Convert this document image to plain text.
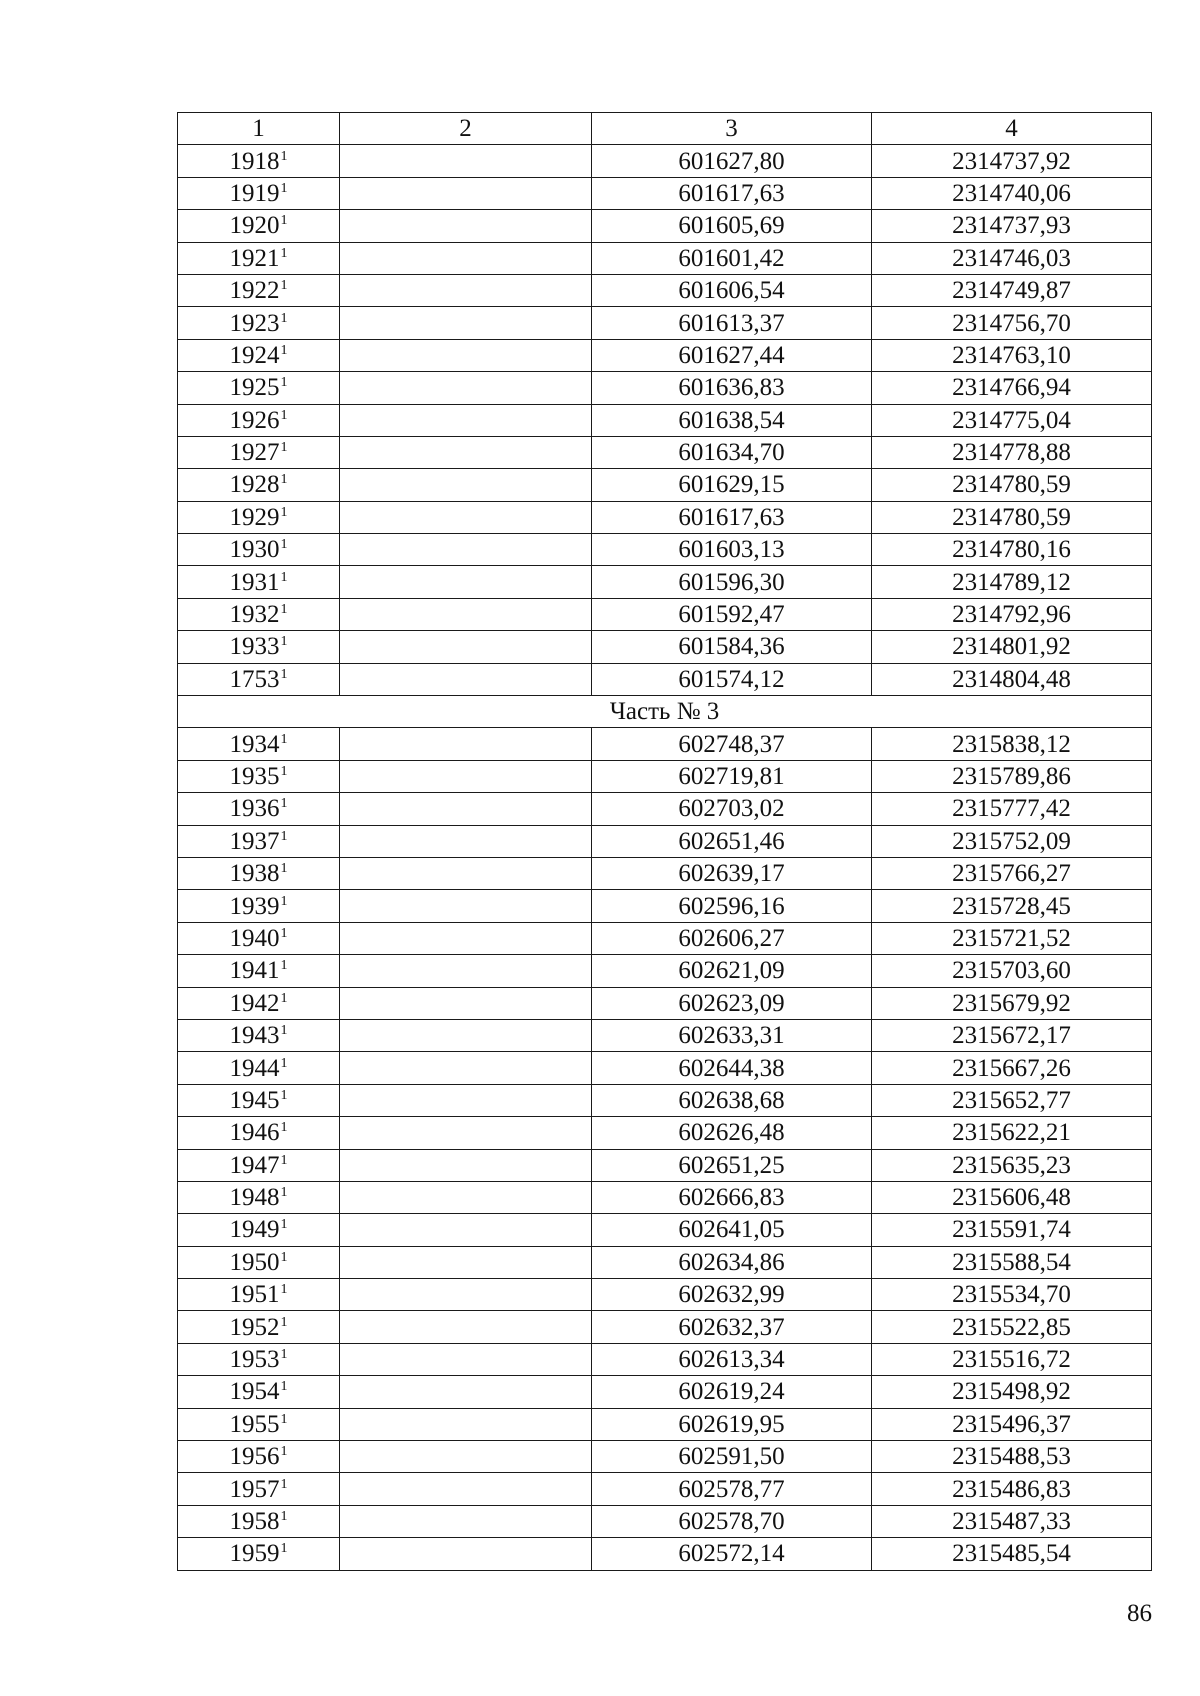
1	2	3	4
1918$^1$		601627,80	2314737,92
1919$^1$		601617,63	2314740,06
1920$^1$		601605,69	2314737,93
1921$^1$		601601,42	2314746,03
1922$^1$		601606,54	2314749,87
1923$^1$		601613,37	2314756,70
1924$^1$		601627,44	2314763,10
1925$^1$		601636,83	2314766,94
1926$^1$		601638,54	2314775,04
1927$^1$		601634,70	2314778,88
1928$^1$		601629,15	2314780,59
1929$^1$		601617,63	2314780,59
1930$^1$		601603,13	2314780,16
1931$^1$		601596,30	2314789,12
1932$^1$		601592,47	2314792,96
1933$^1$		601584,36	2314801,92
1753$^1$		601574,12	2314804,48
Часть № 3			
1934$^1$		602748,37	2315838,12
1935$^1$		602719,81	2315789,86
1936$^1$		602703,02	2315777,42
1937$^1$		602651,46	2315752,09
1938$^1$		602639,17	2315766,27
1939$^1$		602596,16	2315728,45
1940$^1$		602606,27	2315721,52
1941$^1$		602621,09	2315703,60
1942$^1$		602623,09	2315679,92
1943$^1$		602633,31	2315672,17
1944$^1$		602644,38	2315667,26
1945$^1$		602638,68	2315652,77
1946$^1$		602626,48	2315622,21
1947$^1$		602651,25	2315635,23
1948$^1$		602666,83	2315606,48
1949$^1$		602641,05	2315591,74
1950$^1$		602634,86	2315588,54
1951$^1$		602632,99	2315534,70
1952$^1$		602632,37	2315522,85
1953$^1$		602613,34	2315516,72
1954$^1$		602619,24	2315498,92
1955$^1$		602619,95	2315496,37
1956$^1$		602591,50	2315488,53
1957$^1$		602578,77	2315486,83
1958$^1$		602578,70	2315487,33
1959$^1$		602572,14	2315485,54
86
